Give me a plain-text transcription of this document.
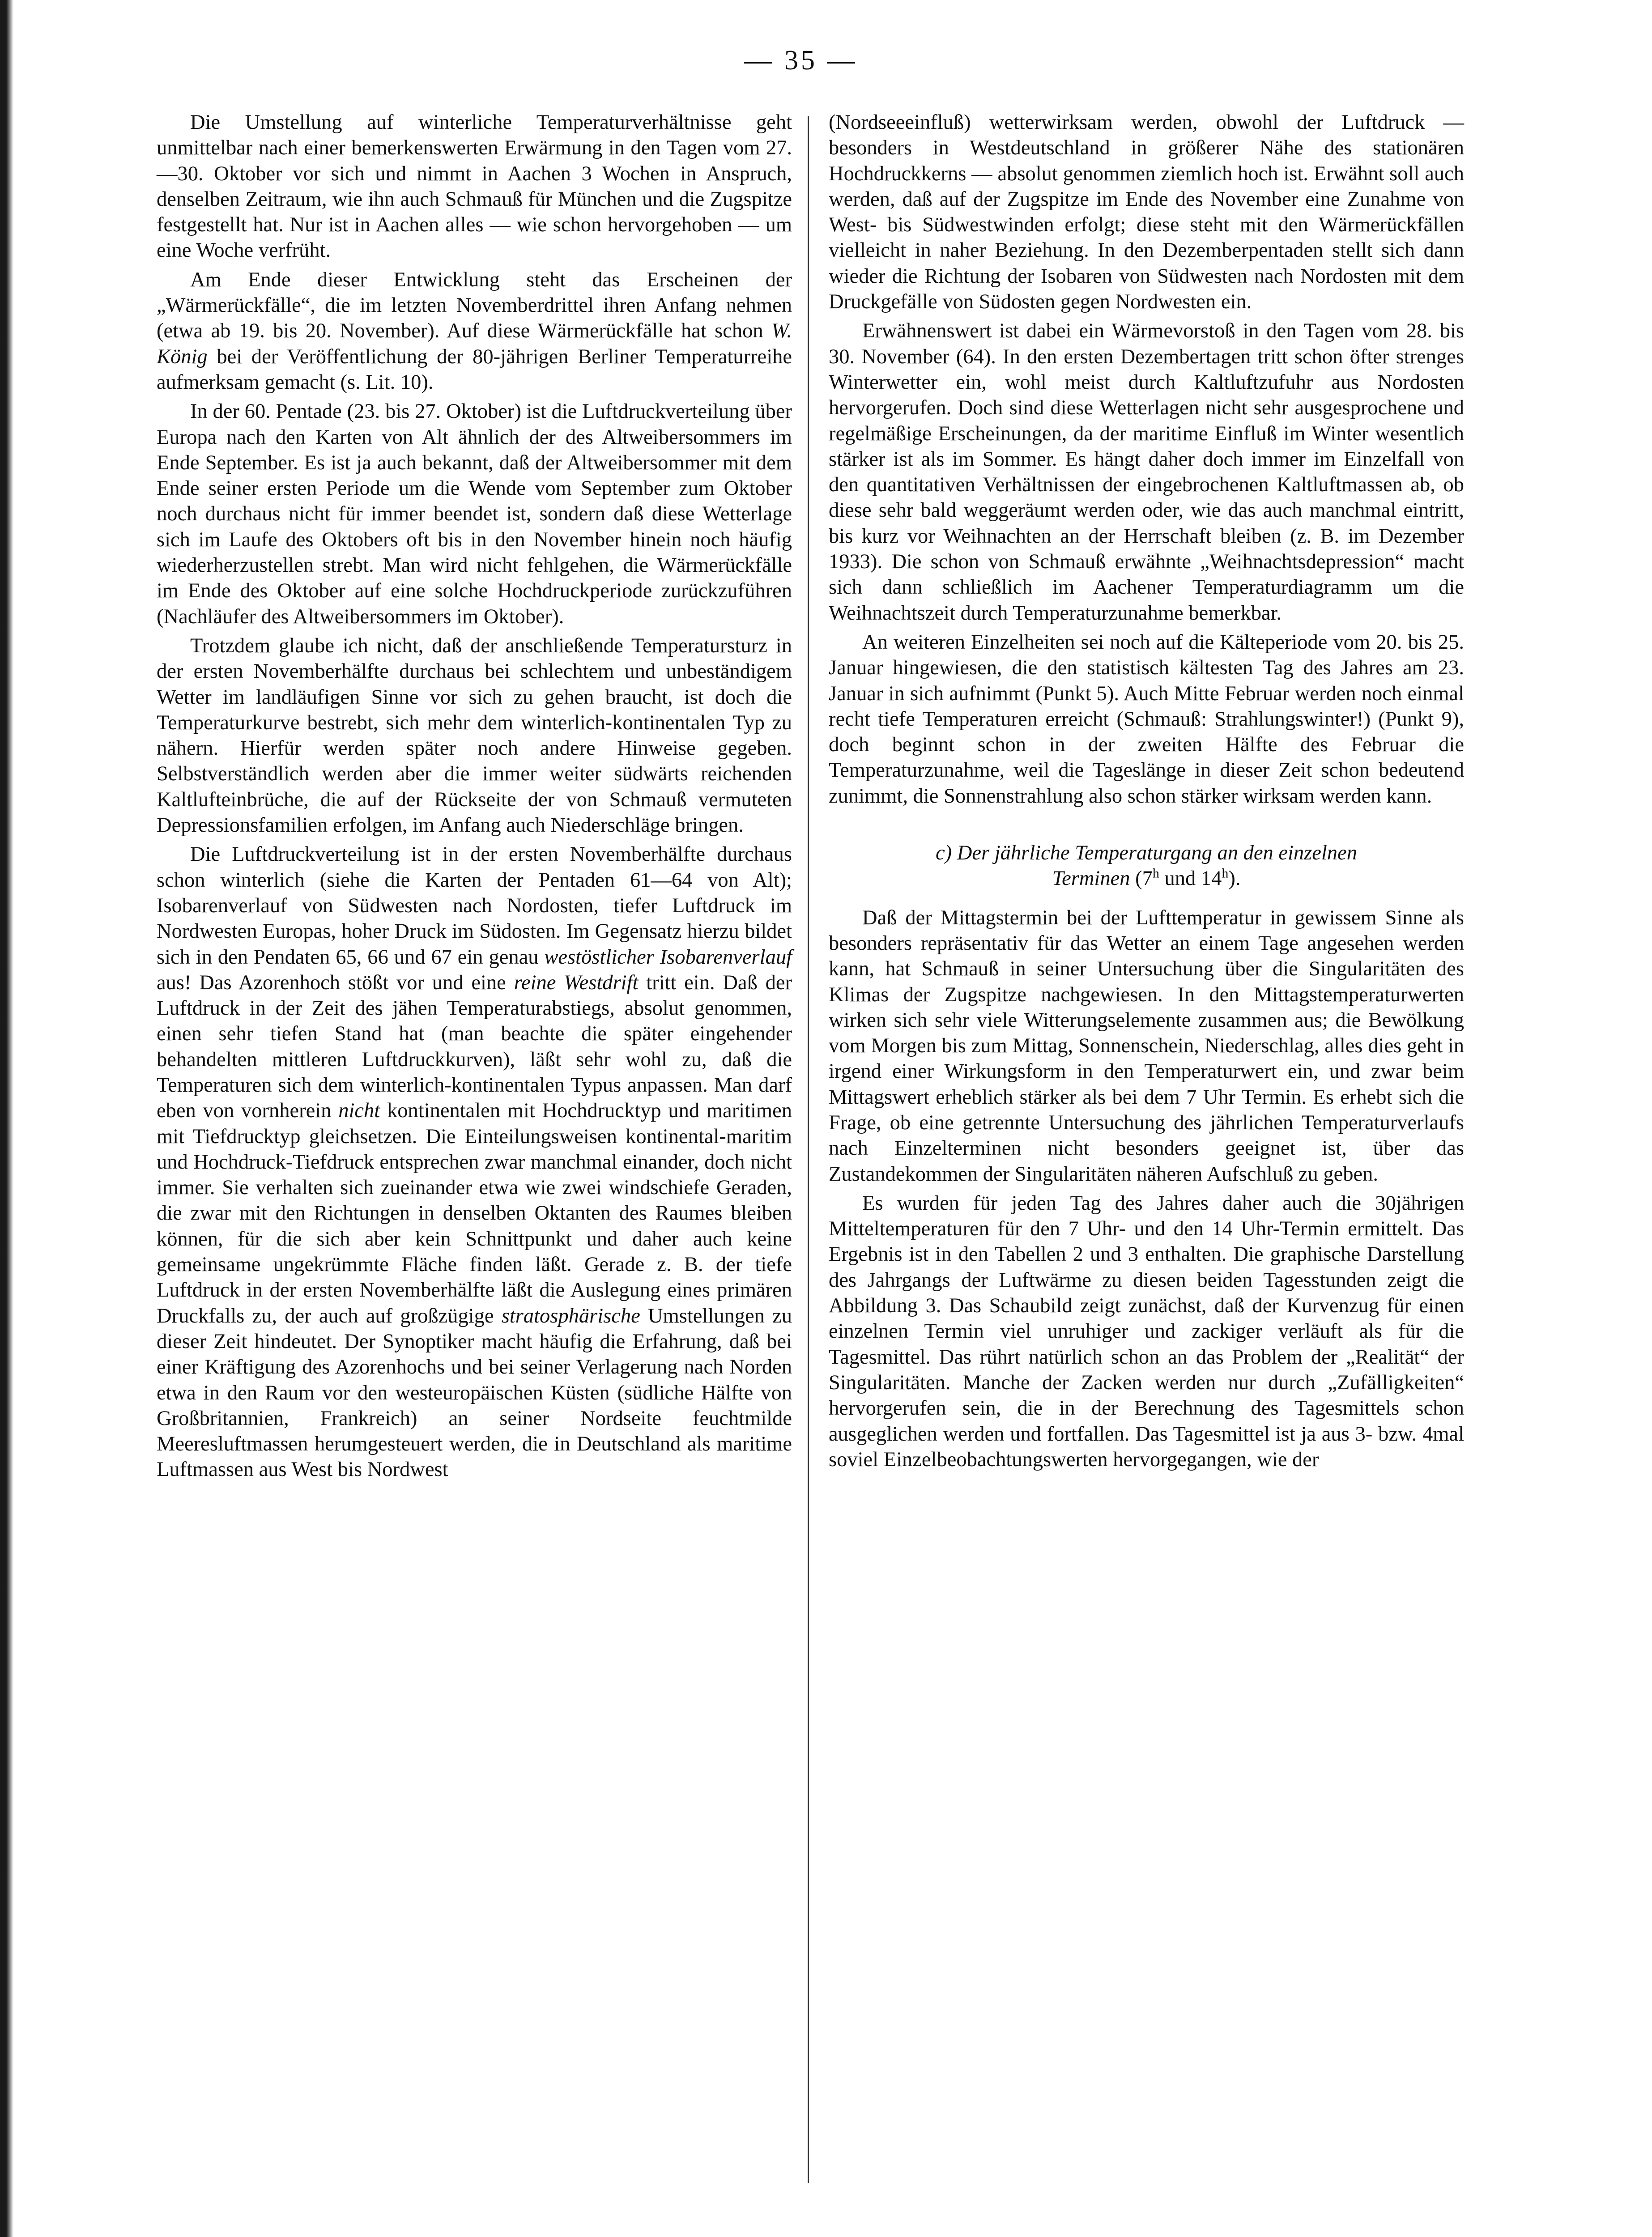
— 35 —

Die Umstellung auf winterliche Temperaturverhältnisse geht unmittelbar nach einer bemerkenswerten Erwärmung in den Tagen vom 27.—30. Oktober vor sich und nimmt in Aachen 3 Wochen in Anspruch, denselben Zeitraum, wie ihn auch Schmauß für München und die Zugspitze festgestellt hat. Nur ist in Aachen alles — wie schon hervorgehoben — um eine Woche verfrüht.

Am Ende dieser Entwicklung steht das Erscheinen der „Wärmerückfälle“, die im letzten Novemberdrittel ihren Anfang nehmen (etwa ab 19. bis 20. November). Auf diese Wärmerückfälle hat schon W. König bei der Veröffentlichung der 80-jährigen Berliner Temperaturreihe aufmerksam gemacht (s. Lit. 10).

In der 60. Pentade (23. bis 27. Oktober) ist die Luftdruckverteilung über Europa nach den Karten von Alt ähnlich der des Altweibersommers im Ende September. Es ist ja auch bekannt, daß der Altweibersommer mit dem Ende seiner ersten Periode um die Wende vom September zum Oktober noch durchaus nicht für immer beendet ist, sondern daß diese Wetterlage sich im Laufe des Oktobers oft bis in den November hinein noch häufig wiederherzustellen strebt. Man wird nicht fehlgehen, die Wärmerückfälle im Ende des Oktober auf eine solche Hochdruckperiode zurückzuführen (Nachläufer des Altweibersommers im Oktober).

Trotzdem glaube ich nicht, daß der anschließende Temperatursturz in der ersten Novemberhälfte durchaus bei schlechtem und unbeständigem Wetter im landläufigen Sinne vor sich zu gehen braucht, ist doch die Temperaturkurve bestrebt, sich mehr dem winterlich-kontinentalen Typ zu nähern. Hierfür werden später noch andere Hinweise gegeben. Selbstverständlich werden aber die immer weiter südwärts reichenden Kaltlufteinbrüche, die auf der Rückseite der von Schmauß vermuteten Depressionsfamilien erfolgen, im Anfang auch Niederschläge bringen.

Die Luftdruckverteilung ist in der ersten Novemberhälfte durchaus schon winterlich (siehe die Karten der Pentaden 61—64 von Alt); Isobarenverlauf von Südwesten nach Nordosten, tiefer Luftdruck im Nordwesten Europas, hoher Druck im Südosten. Im Gegensatz hierzu bildet sich in den Pendaten 65, 66 und 67 ein genau westöstlicher Isobarenverlauf aus! Das Azorenhoch stößt vor und eine reine Westdrift tritt ein. Daß der Luftdruck in der Zeit des jähen Temperaturabstiegs, absolut genommen, einen sehr tiefen Stand hat (man beachte die später eingehender behandelten mittleren Luftdruckkurven), läßt sehr wohl zu, daß die Temperaturen sich dem winterlich-kontinentalen Typus anpassen. Man darf eben von vornherein nicht kontinentalen mit Hochdrucktyp und maritimen mit Tiefdrucktyp gleichsetzen. Die Einteilungsweisen kontinental-maritim und Hochdruck-Tiefdruck entsprechen zwar manchmal einander, doch nicht immer. Sie verhalten sich zueinander etwa wie zwei windschiefe Geraden, die zwar mit den Richtungen in denselben Oktanten des Raumes bleiben können, für die sich aber kein Schnittpunkt und daher auch keine gemeinsame ungekrümmte Fläche finden läßt. Gerade z. B. der tiefe Luftdruck in der ersten Novemberhälfte läßt die Auslegung eines primären Druckfalls zu, der auch auf großzügige stratosphärische Umstellungen zu dieser Zeit hindeutet. Der Synoptiker macht häufig die Erfahrung, daß bei einer Kräftigung des Azorenhochs und bei seiner Verlagerung nach Norden etwa in den Raum vor den westeuropäischen Küsten (südliche Hälfte von Großbritannien, Frankreich) an seiner Nordseite feuchtmilde Meeresluftmassen herumgesteuert werden, die in Deutschland als maritime Luftmassen aus West bis Nordwest

(Nordseeeinfluß) wetterwirksam werden, obwohl der Luftdruck — besonders in Westdeutschland in größerer Nähe des stationären Hochdruckkerns — absolut genommen ziemlich hoch ist. Erwähnt soll auch werden, daß auf der Zugspitze im Ende des November eine Zunahme von West- bis Südwestwinden erfolgt; diese steht mit den Wärmerückfällen vielleicht in naher Beziehung. In den Dezemberpentaden stellt sich dann wieder die Richtung der Isobaren von Südwesten nach Nordosten mit dem Druckgefälle von Südosten gegen Nordwesten ein.

Erwähnenswert ist dabei ein Wärmevorstoß in den Tagen vom 28. bis 30. November (64). In den ersten Dezembertagen tritt schon öfter strenges Winterwetter ein, wohl meist durch Kaltluftzufuhr aus Nordosten hervorgerufen. Doch sind diese Wetterlagen nicht sehr ausgesprochene und regelmäßige Erscheinungen, da der maritime Einfluß im Winter wesentlich stärker ist als im Sommer. Es hängt daher doch immer im Einzelfall von den quantitativen Verhältnissen der eingebrochenen Kaltluftmassen ab, ob diese sehr bald weggeräumt werden oder, wie das auch manchmal eintritt, bis kurz vor Weihnachten an der Herrschaft bleiben (z. B. im Dezember 1933). Die schon von Schmauß erwähnte „Weihnachtsdepression“ macht sich dann schließlich im Aachener Temperaturdiagramm um die Weihnachtszeit durch Temperaturzunahme bemerkbar.

An weiteren Einzelheiten sei noch auf die Kälteperiode vom 20. bis 25. Januar hingewiesen, die den statistisch kältesten Tag des Jahres am 23. Januar in sich aufnimmt (Punkt 5). Auch Mitte Februar werden noch einmal recht tiefe Temperaturen erreicht (Schmauß: Strahlungswinter!) (Punkt 9), doch beginnt schon in der zweiten Hälfte des Februar die Temperaturzunahme, weil die Tageslänge in dieser Zeit schon bedeutend zunimmt, die Sonnenstrahlung also schon stärker wirksam werden kann.

c) Der jährliche Temperaturgang an den einzelnen
Terminen (7$^h$ und 14$^h$).

Daß der Mittagstermin bei der Lufttemperatur in gewissem Sinne als besonders repräsentativ für das Wetter an einem Tage angesehen werden kann, hat Schmauß in seiner Untersuchung über die Singularitäten des Klimas der Zugspitze nachgewiesen. In den Mittagstemperaturwerten wirken sich sehr viele Witterungselemente zusammen aus; die Bewölkung vom Morgen bis zum Mittag, Sonnenschein, Niederschlag, alles dies geht in irgend einer Wirkungsform in den Temperaturwert ein, und zwar beim Mittagswert erheblich stärker als bei dem 7 Uhr Termin. Es erhebt sich die Frage, ob eine getrennte Untersuchung des jährlichen Temperaturverlaufs nach Einzelterminen nicht besonders geeignet ist, über das Zustandekommen der Singularitäten näheren Aufschluß zu geben.

Es wurden für jeden Tag des Jahres daher auch die 30jährigen Mitteltemperaturen für den 7 Uhr- und den 14 Uhr-Termin ermittelt. Das Ergebnis ist in den Tabellen 2 und 3 enthalten. Die graphische Darstellung des Jahrgangs der Luftwärme zu diesen beiden Tagesstunden zeigt die Abbildung 3. Das Schaubild zeigt zunächst, daß der Kurvenzug für einen einzelnen Termin viel unruhiger und zackiger verläuft als für die Tagesmittel. Das rührt natürlich schon an das Problem der „Realität“ der Singularitäten. Manche der Zacken werden nur durch „Zufälligkeiten“ hervorgerufen sein, die in der Berechnung des Tagesmittels schon ausgeglichen werden und fortfallen. Das Tagesmittel ist ja aus 3- bzw. 4mal soviel Einzelbeobachtungswerten hervorgegangen, wie der
